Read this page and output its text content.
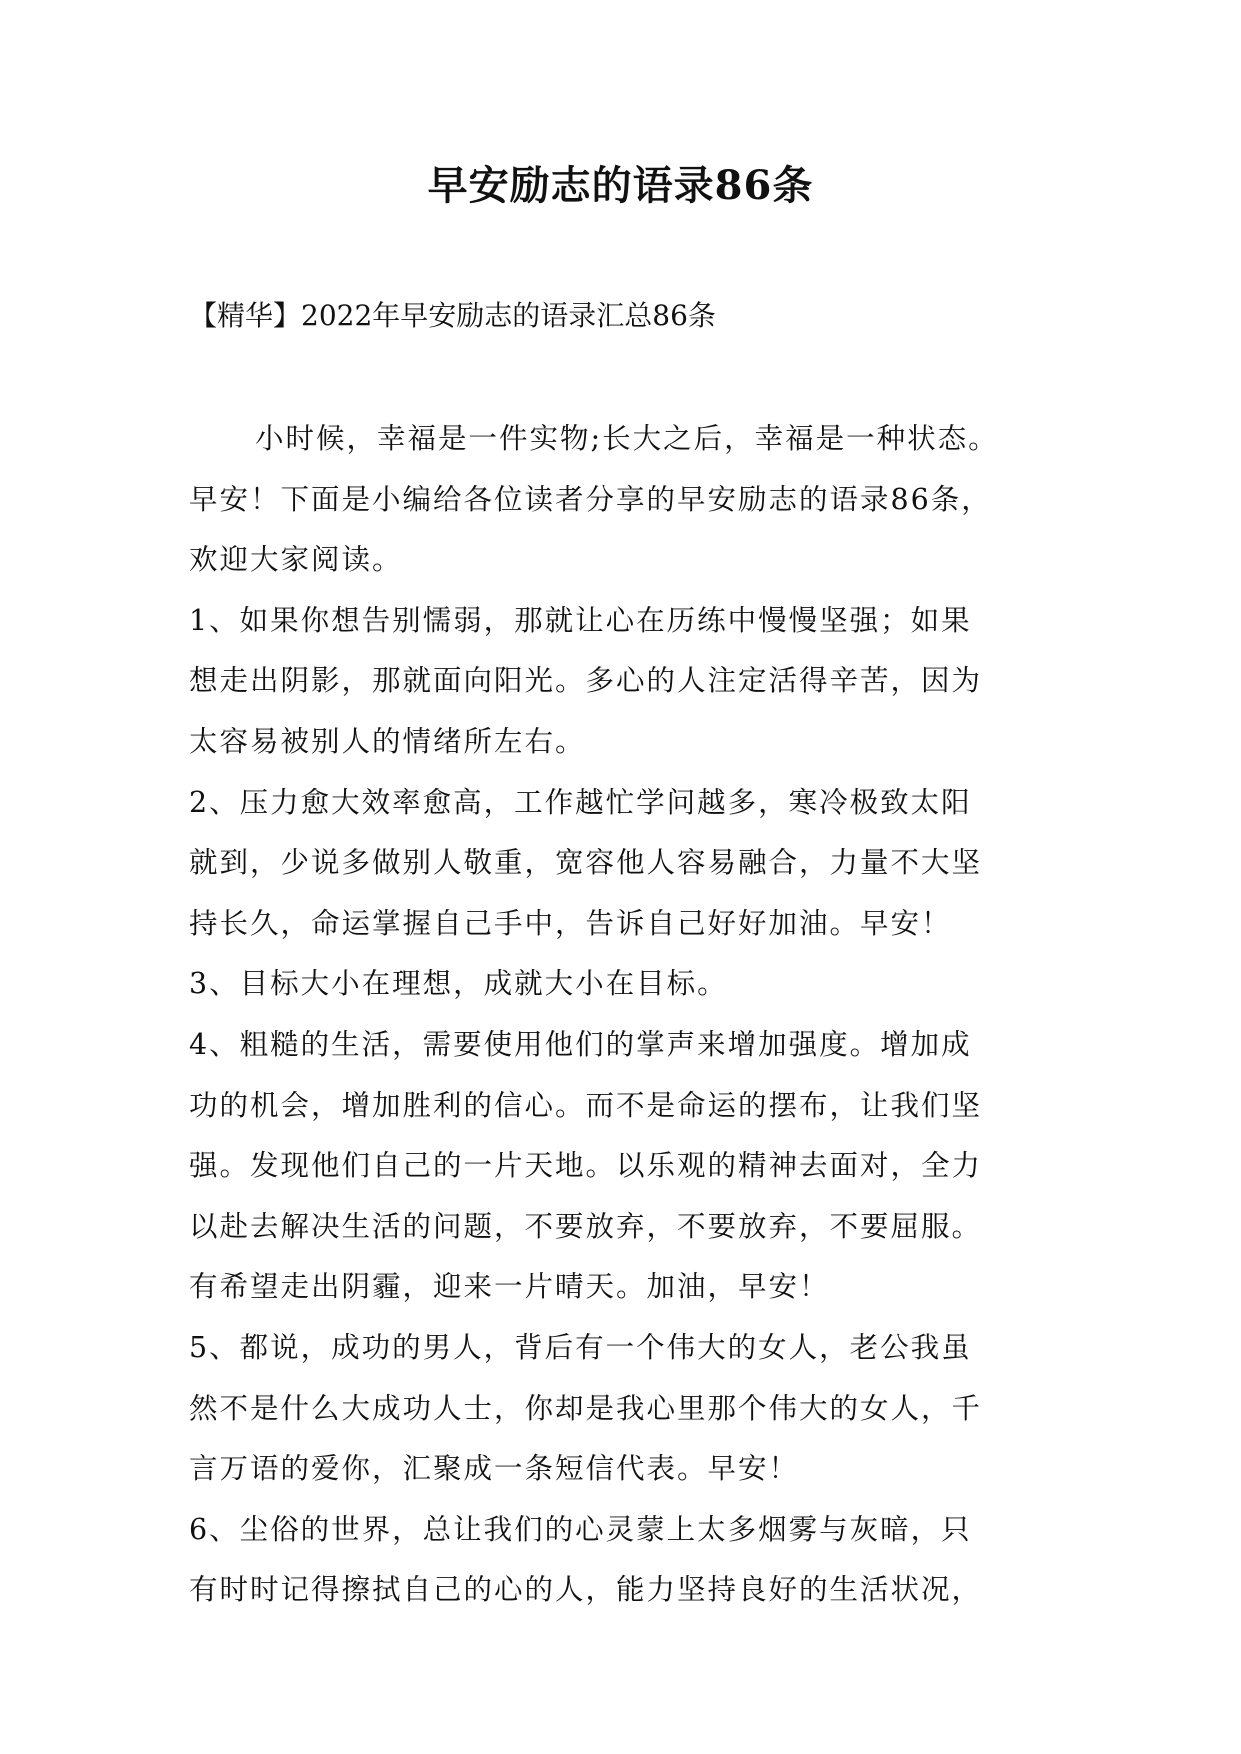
早安励志的语录86条
【精华】2022年早安励志的语录汇总86条
小时候，幸福是一件实物;长大之后，幸福是一种状态。
早安！下面是小编给各位读者分享的早安励志的语录86条，
欢迎大家阅读。
1、如果你想告别懦弱，那就让心在历练中慢慢坚强；如果
想走出阴影，那就面向阳光。多心的人注定活得辛苦，因为
太容易被别人的情绪所左右。
2、压力愈大效率愈高，工作越忙学问越多，寒冷极致太阳
就到，少说多做别人敬重，宽容他人容易融合，力量不大坚
持长久，命运掌握自己手中，告诉自己好好加油。早安！
3、目标大小在理想，成就大小在目标。
4、粗糙的生活，需要使用他们的掌声来增加强度。增加成
功的机会，增加胜利的信心。而不是命运的摆布，让我们坚
强。发现他们自己的一片天地。以乐观的精神去面对，全力
以赴去解决生活的问题，不要放弃，不要放弃，不要屈服。
有希望走出阴霾，迎来一片晴天。加油，早安！
5、都说，成功的男人，背后有一个伟大的女人，老公我虽
然不是什么大成功人士，你却是我心里那个伟大的女人，千
言万语的爱你，汇聚成一条短信代表。早安！
6、尘俗的世界，总让我们的心灵蒙上太多烟雾与灰暗，只
有时时记得擦拭自己的心的人，能力坚持良好的生活状况，
